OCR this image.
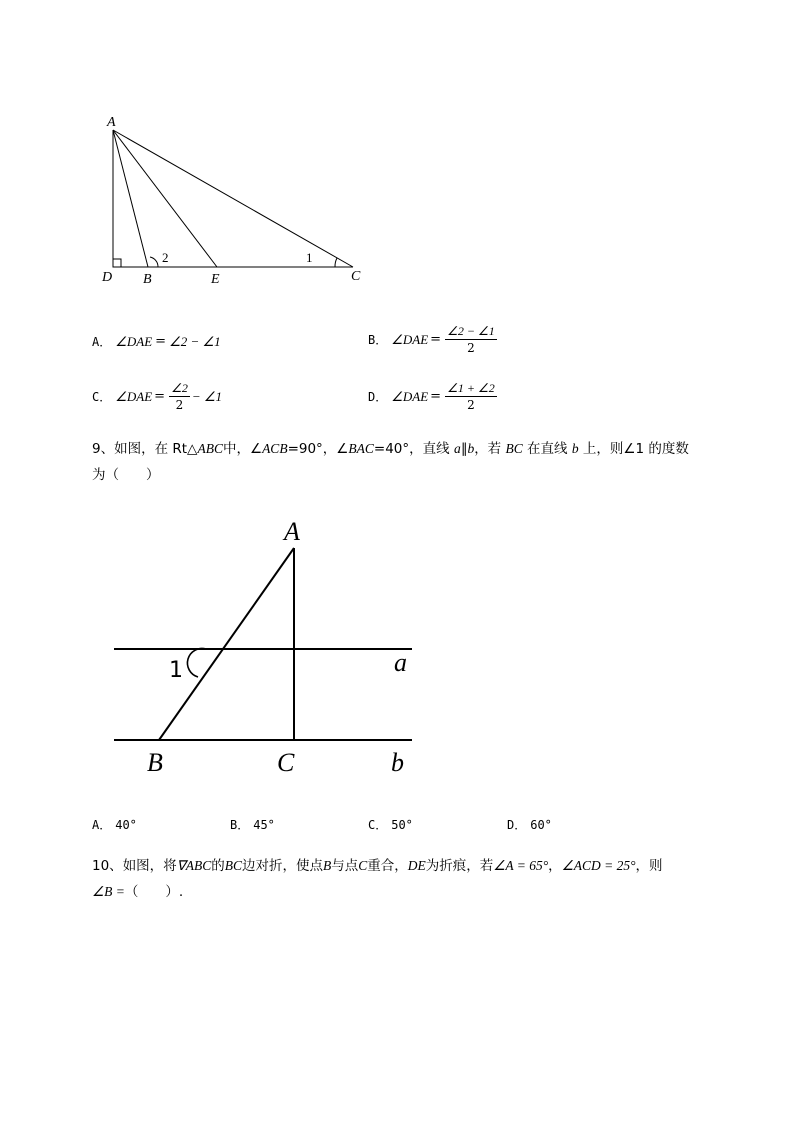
A
D B	E	C
2	1
A． ∠DAE = ∠2 − ∠1	B． ∠DAE = $\frac{\angle 2 - \angle 1}{2}$
C． ∠DAE = $\frac{\angle 2}{2}$ − ∠1	D． ∠DAE = $\frac{\angle 1 + \angle 2}{2}$
9、如图，在 Rt△ABC中，∠ACB=90°，∠BAC=40°，直线 a∥b，若 BC 在直线 b 上，则∠1 的度数
为（　　）
A
B	C
a
b
1
A． 40°	B． 45°	C． 50°	D． 60°
10、如图，将∇ABC的BC边对折，使点B与点C重合，DE为折痕，若∠A = 65°，∠ACD = 25°，则
∠B =（　　）.
